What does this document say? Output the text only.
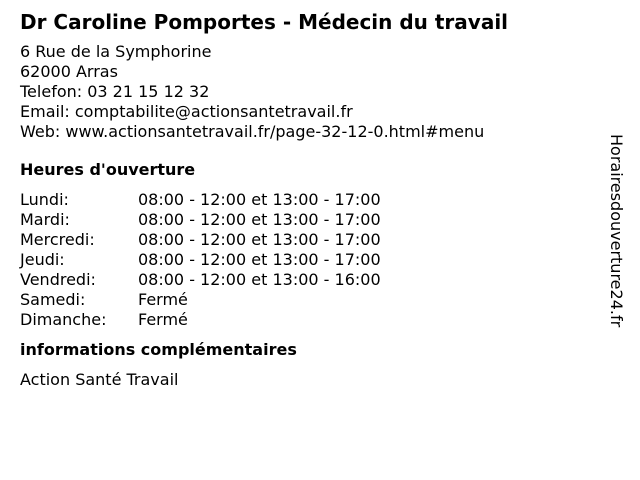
Dr Caroline Pomportes - Médecin du travail
6 Rue de la Symphorine
62000 Arras
Telefon: 03 21 15 12 32
Email: comptabilite@actionsantetravail.fr
Web: www.actionsantetravail.fr/page-32-12-0.html#menu
Heures d'ouverture
Lundi:	08:00 - 12:00 et 13:00 - 17:00
Mardi:	08:00 - 12:00 et 13:00 - 17:00
Mercredi:	08:00 - 12:00 et 13:00 - 17:00
Jeudi:	08:00 - 12:00 et 13:00 - 17:00
Vendredi:	08:00 - 12:00 et 13:00 - 16:00
Samedi:	Fermé
Dimanche:	Fermé
informations complémentaires
Action Santé Travail
Horairesdouverture24.fr
